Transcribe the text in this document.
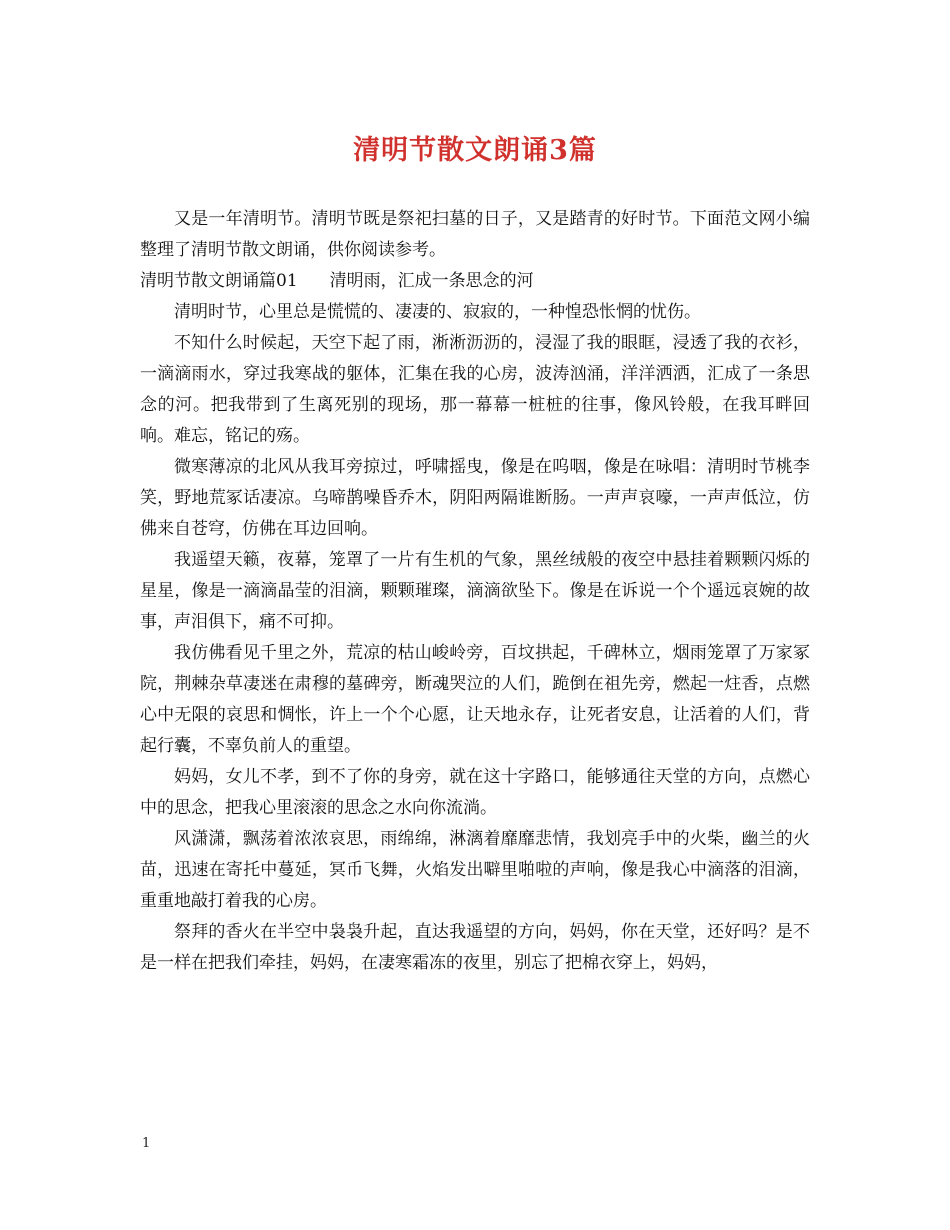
清明节散文朗诵3篇

又是一年清明节。清明节既是祭祀扫墓的日子，又是踏青的好时节。下面范文网小编整理了清明节散文朗诵，供你阅读参考。

清明节散文朗诵篇01 清明雨，汇成一条思念的河

清明时节，心里总是慌慌的、凄凄的、寂寂的，一种惶恐怅惘的忧伤。

不知什么时候起，天空下起了雨，淅淅沥沥的，浸湿了我的眼眶，浸透了我的衣衫，一滴滴雨水，穿过我寒战的躯体，汇集在我的心房，波涛汹涌，洋洋洒洒，汇成了一条思念的河。把我带到了生离死别的现场，那一幕幕一桩桩的往事，像风铃般，在我耳畔回响。难忘，铭记的殇。

微寒薄凉的北风从我耳旁掠过，呼啸摇曳，像是在呜咽，像是在咏唱：清明时节桃李笑，野地荒冢话凄凉。乌啼鹊噪昏乔木，阴阳两隔谁断肠。一声声哀嚎，一声声低泣，仿佛来自苍穹，仿佛在耳边回响。

我遥望天籁，夜幕，笼罩了一片有生机的气象，黑丝绒般的夜空中悬挂着颗颗闪烁的星星，像是一滴滴晶莹的泪滴，颗颗璀璨，滴滴欲坠下。像是在诉说一个个遥远哀婉的故事，声泪俱下，痛不可抑。

我仿佛看见千里之外，荒凉的枯山峻岭旁，百坟拱起，千碑林立，烟雨笼罩了万家冢院，荆棘杂草凄迷在肃穆的墓碑旁，断魂哭泣的人们，跪倒在祖先旁，燃起一炷香，点燃心中无限的哀思和惆怅，许上一个个心愿，让天地永存，让死者安息，让活着的人们，背起行囊，不辜负前人的重望。

妈妈，女儿不孝，到不了你的身旁，就在这十字路口，能够通往天堂的方向，点燃心中的思念，把我心里滚滚的思念之水向你流淌。

风潇潇，飘荡着浓浓哀思，雨绵绵，淋漓着靡靡悲情，我划亮手中的火柴，幽兰的火苗，迅速在寄托中蔓延，冥币飞舞，火焰发出噼里啪啦的声响，像是我心中滴落的泪滴，重重地敲打着我的心房。

祭拜的香火在半空中袅袅升起，直达我遥望的方向，妈妈，你在天堂，还好吗？是不是一样在把我们牵挂，妈妈，在凄寒霜冻的夜里，别忘了把棉衣穿上，妈妈，

1
